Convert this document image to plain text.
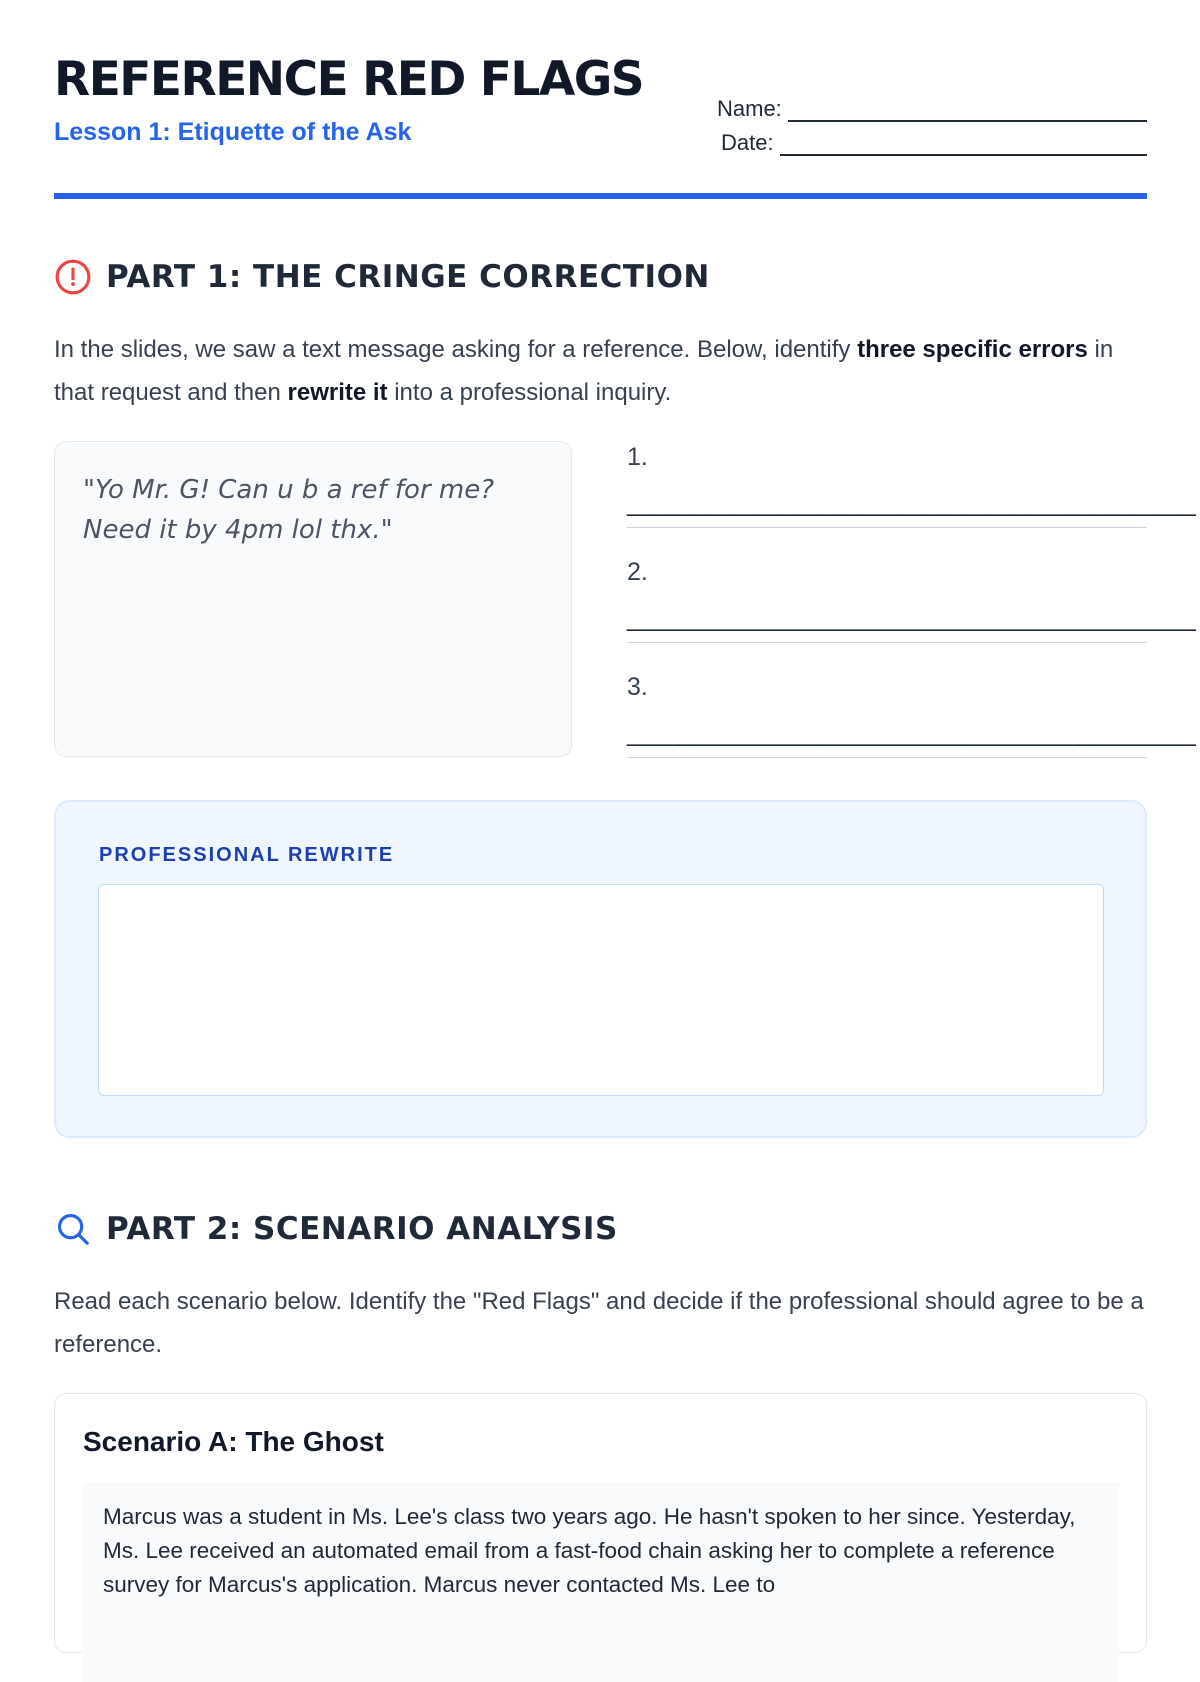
REFERENCE RED FLAGS
Lesson 1: Etiquette of the Ask
Name:
Date:
PART 1: THE CRINGE CORRECTION

In the slides, we saw a text message asking for a reference. Below, identify three specific errors in that request and then rewrite it into a professional inquiry.

"Yo Mr. G! Can u b a ref for me? Need it by 4pm lol thx."
1.
____________________________________________
2.
____________________________________________
3.
____________________________________________
PROFESSIONAL REWRITE
PART 2: SCENARIO ANALYSIS

Read each scenario below. Identify the "Red Flags" and decide if the professional should agree to be a reference.

Scenario A: The Ghost
Marcus was a student in Ms. Lee's class two years ago. He hasn't spoken to her since. Yesterday, Ms. Lee received an automated email from a fast-food chain asking her to complete a reference survey for Marcus's application. Marcus never contacted Ms. Lee to
